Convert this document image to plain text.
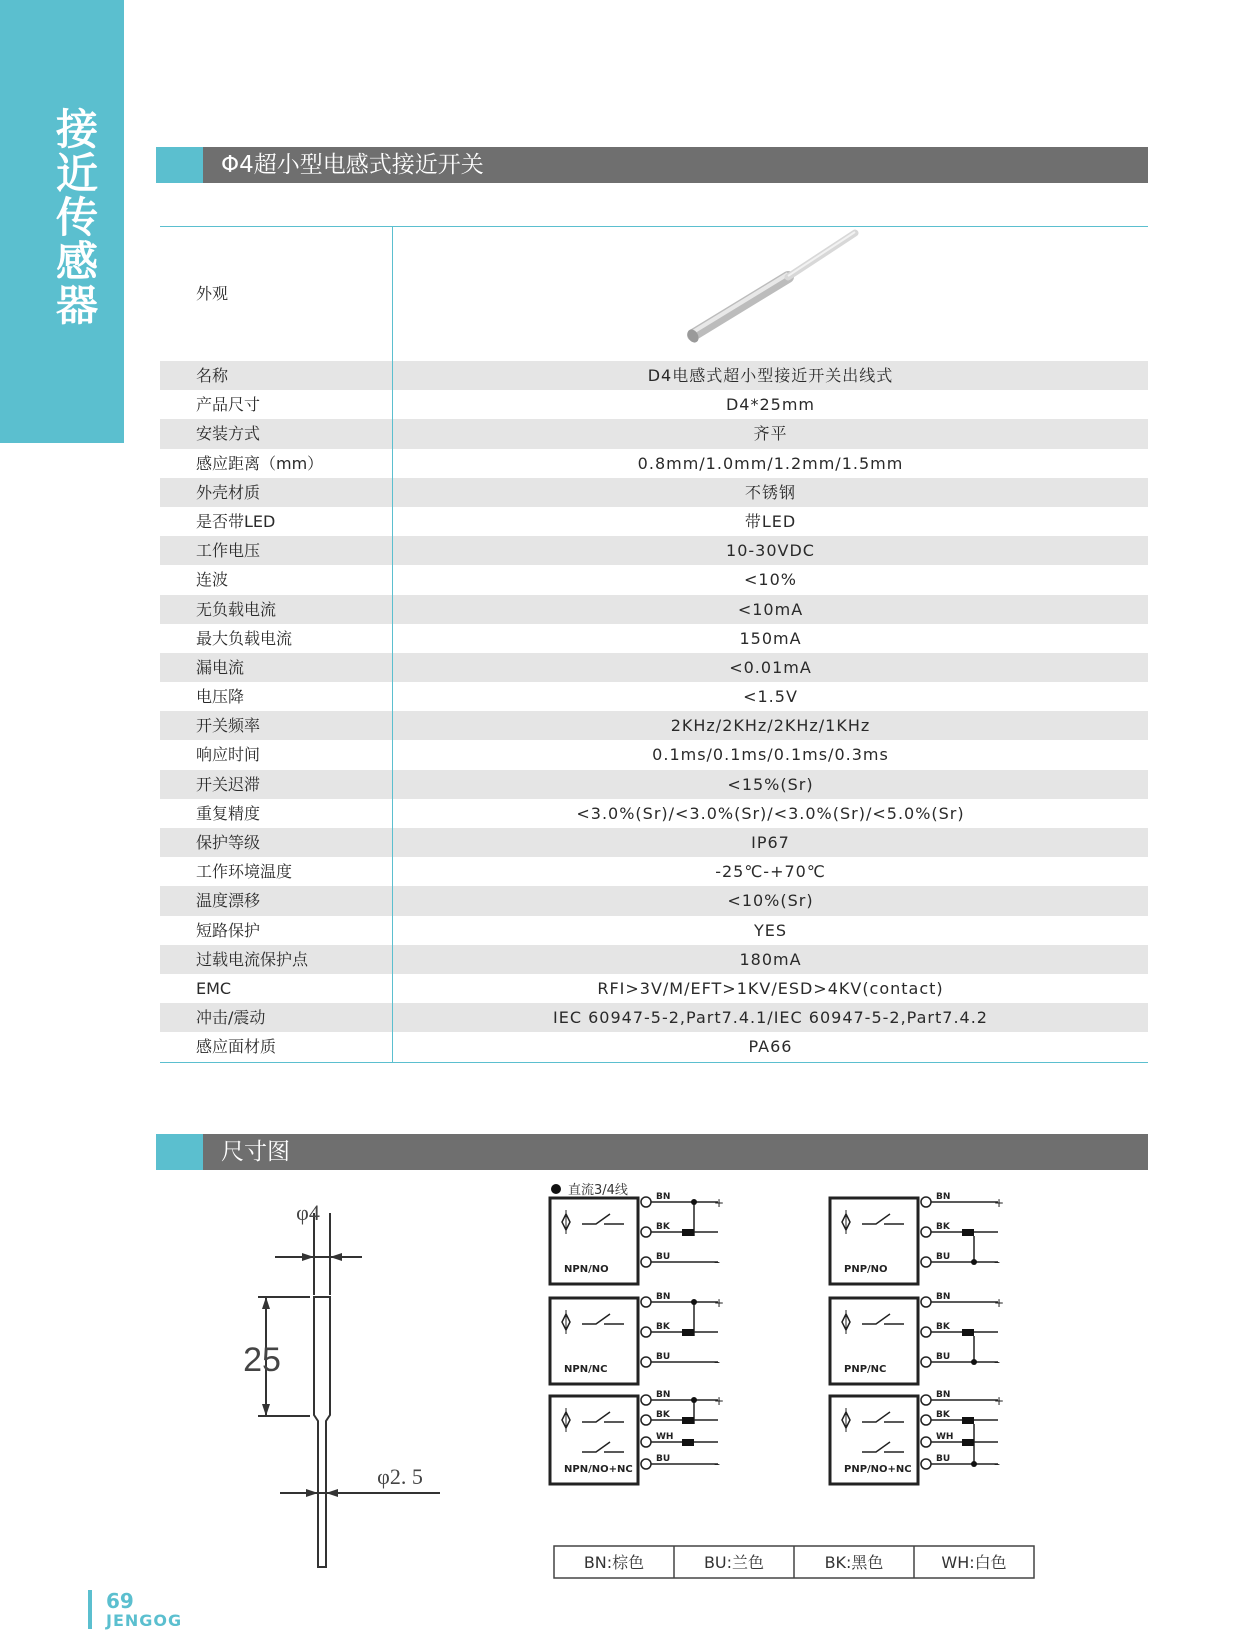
接近传感器
Φ4超小型电感式接近开关
外观
名称	D4电感式超小型接近开关出线式
产品尺寸	D4*25mm
安装方式	齐平
感应距离（mm）	0.8mm/1.0mm/1.2mm/1.5mm
外壳材质	不锈钢
是否带LED	带LED
工作电压	10-30VDC
连波	<10%
无负载电流	<10mA
最大负载电流	150mA
漏电流	<0.01mA
电压降	<1.5V
开关频率	2KHz/2KHz/2KHz/1KHz
响应时间	0.1ms/0.1ms/0.1ms/0.3ms
开关迟滞	<15%(Sr)
重复精度	<3.0%(Sr)/<3.0%(Sr)/<3.0%(Sr)/<5.0%(Sr)
保护等级	IP67
工作环境温度	-25℃-+70℃
温度漂移	<10%(Sr)
短路保护	YES
过载电流保护点	180mA
EMC	RFI>3V/M/EFT>1KV/ESD>4KV(contact)
冲击/震动	IEC 60947-5-2,Part7.4.1/IEC 60947-5-2,Part7.4.2
感应面材质	PA66
尺寸图
φ4
25
φ2. 5
直流3/4线
NPN/NO
BN
BK
BU
+
–
PNP/NO
BN
BK
BU
+
–
NPN/NC
BN
BK
BU
+
–
PNP/NC
BN
BK
BU
+
–
NPN/NO+NC
BN
BK
WH
BU
+
–	PNP/NO+NC
BN
BK
WH
BU
+
–
BN:棕色	BU:兰色	BK:黑色	WH:白色
69
JENGOG
